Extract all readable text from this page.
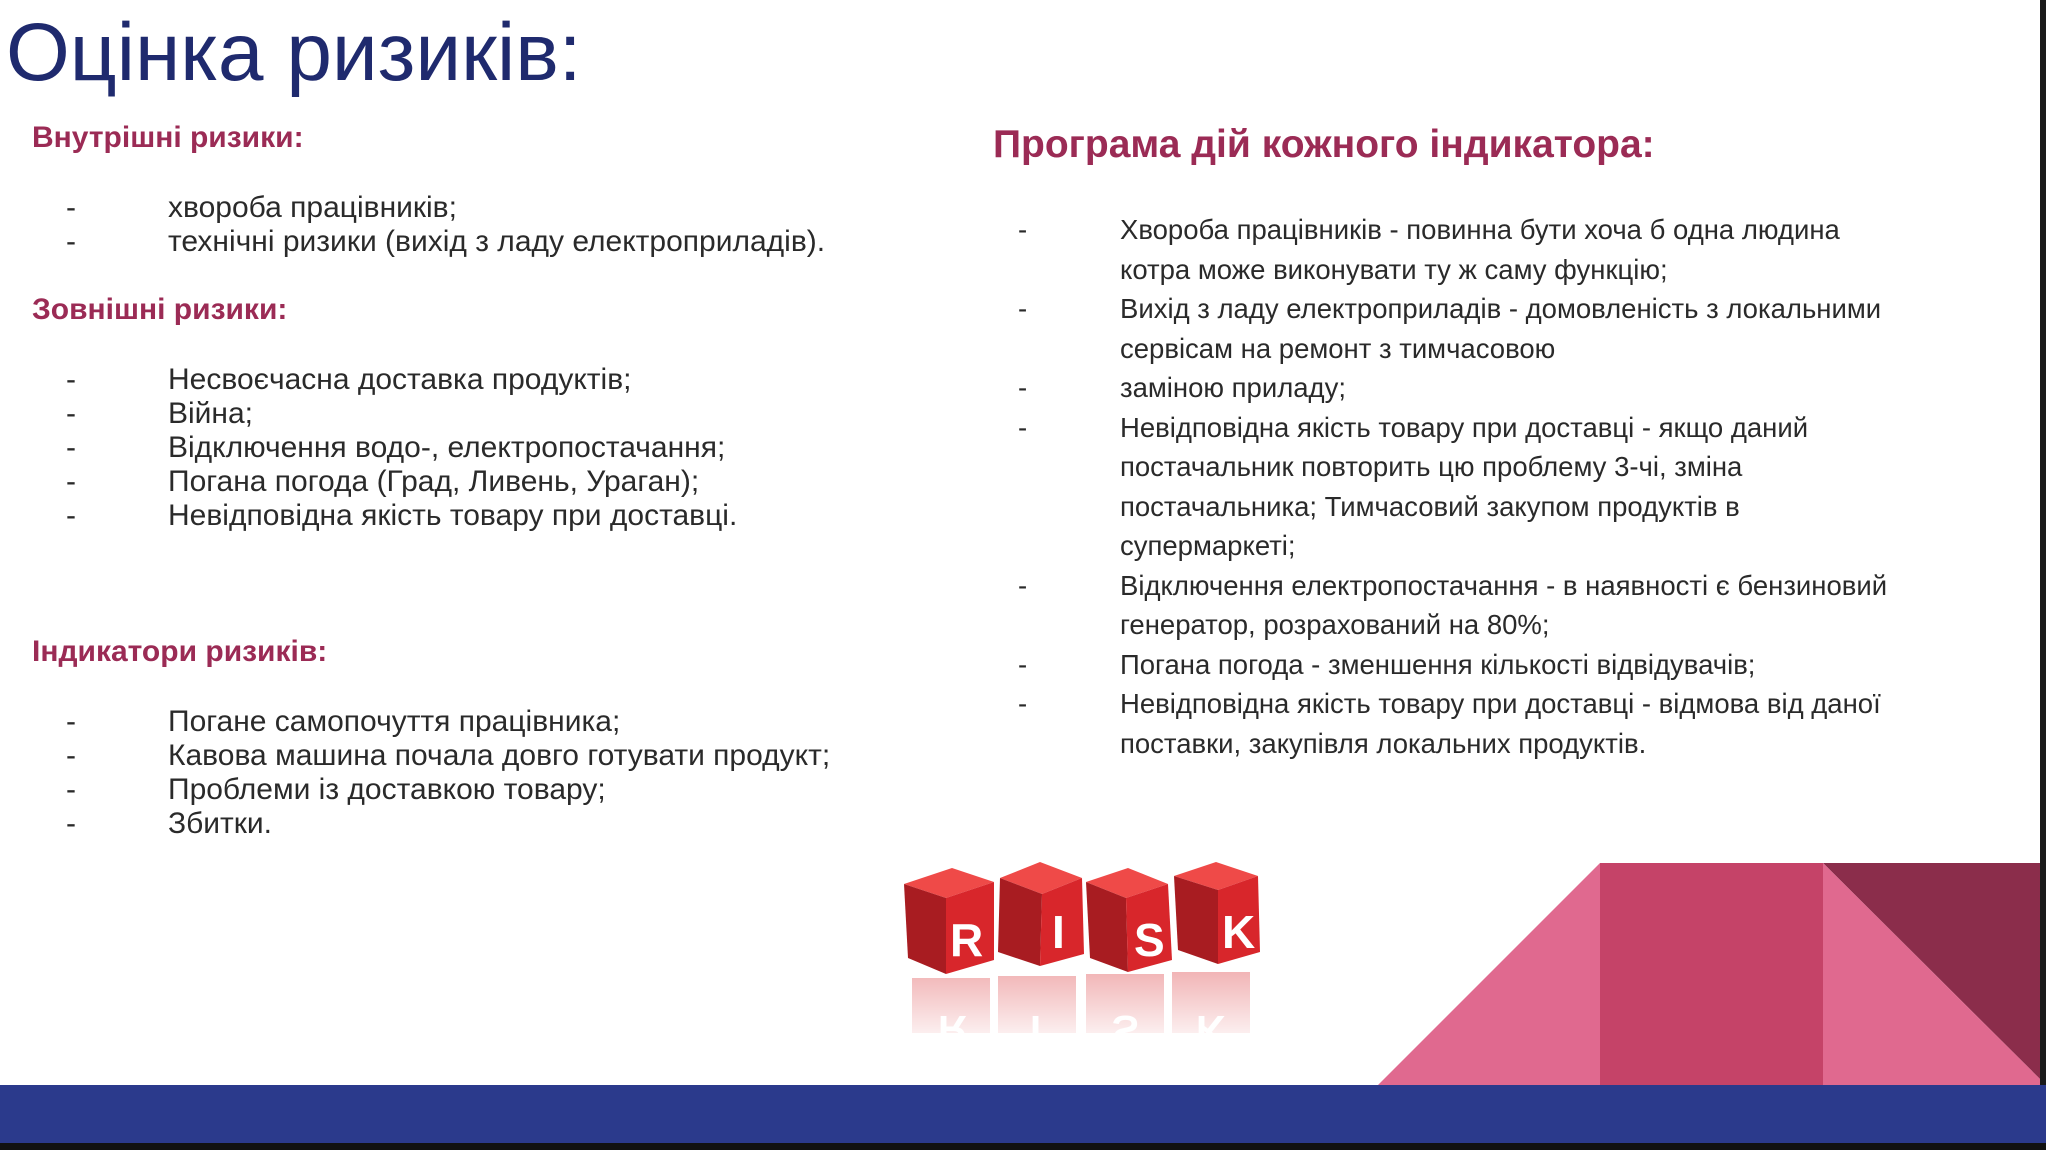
Оцінка ризиків:
Внутрішні ризики:
-	хвороба працівників;
-	технічні ризики (вихід з ладу електроприладів).
Зовнішні ризики:
-	Несвоєчасна доставка продуктів;
-	Війна;
-	Відключення водо-, електропостачання;
-	Погана погода (Град, Ливень, Ураган);
-	Невідповідна якість товару при доставці.
Індикатори ризиків:
-	Погане самопочуття працівника;
-	Кавова машина почала довго готувати продукт;
-	Проблеми із доставкою товару;
-	Збитки.
Програма дій кожного індикатора:
-	Хвороба працівників - повинна бути хоча б одна людина котра може виконувати ту ж саму функцію;
-	Вихід з ладу електроприладів - домовленість з локальними сервісам на ремонт з тимчасовою
-	заміною приладу;
-	Невідповідна якість товару при доставці - якщо даний постачальник повторить цю проблему 3-чі, зміна постачальника; Тимчасовий закупом продуктів в супермаркеті;
-	Відключення електропостачання - в наявності є бензиновий генератор, розрахований на 80%;
-	Погана погода - зменшення кількості відвідувачів;
-	Невідповідна якість товару при доставці - відмова від даної поставки, закупівля локальних продуктів.
R I S K
